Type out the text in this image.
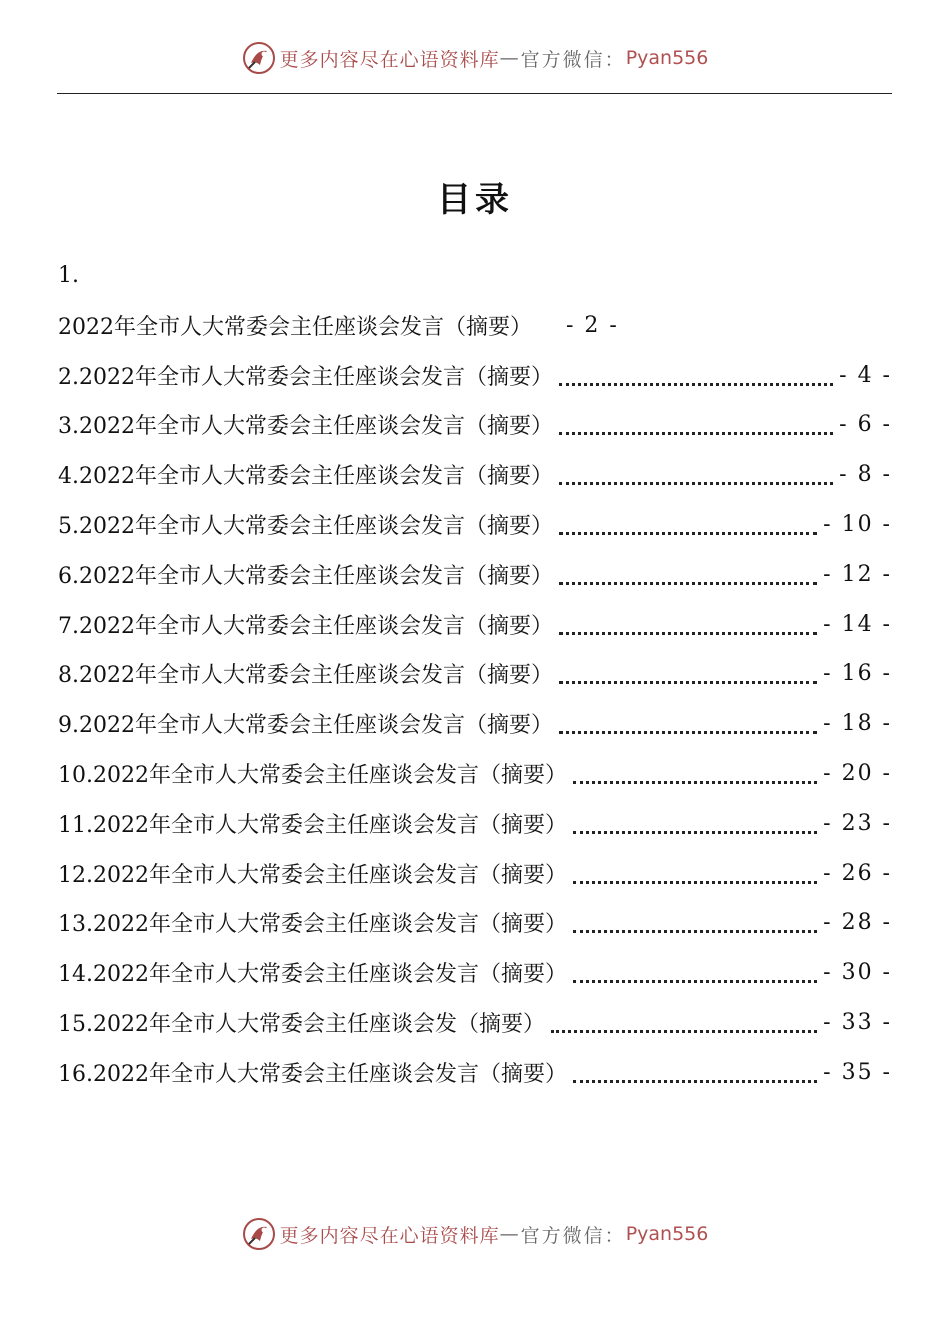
更多内容尽在心语资料库 — 官方微信： Pyan556
目录
1.
2022年全市人大常委会主任座谈会发言（摘要） - 2 -
2.2022年全市人大常委会主任座谈会发言（摘要）	- 4 -
3.2022年全市人大常委会主任座谈会发言（摘要）	- 6 -
4.2022年全市人大常委会主任座谈会发言（摘要）	- 8 -
5.2022年全市人大常委会主任座谈会发言（摘要）	- 10 -
6.2022年全市人大常委会主任座谈会发言（摘要）	- 12 -
7.2022年全市人大常委会主任座谈会发言（摘要）	- 14 -
8.2022年全市人大常委会主任座谈会发言（摘要）	- 16 -
9.2022年全市人大常委会主任座谈会发言（摘要）	- 18 -
10.2022年全市人大常委会主任座谈会发言（摘要）	- 20 -
11.2022年全市人大常委会主任座谈会发言（摘要）	- 23 -
12.2022年全市人大常委会主任座谈会发言（摘要）	- 26 -
13.2022年全市人大常委会主任座谈会发言（摘要）	- 28 -
14.2022年全市人大常委会主任座谈会发言（摘要）	- 30 -
15.2022年全市人大常委会主任座谈会发（摘要）	- 33 -
16.2022年全市人大常委会主任座谈会发言（摘要）	- 35 -
更多内容尽在心语资料库 — 官方微信： Pyan556
